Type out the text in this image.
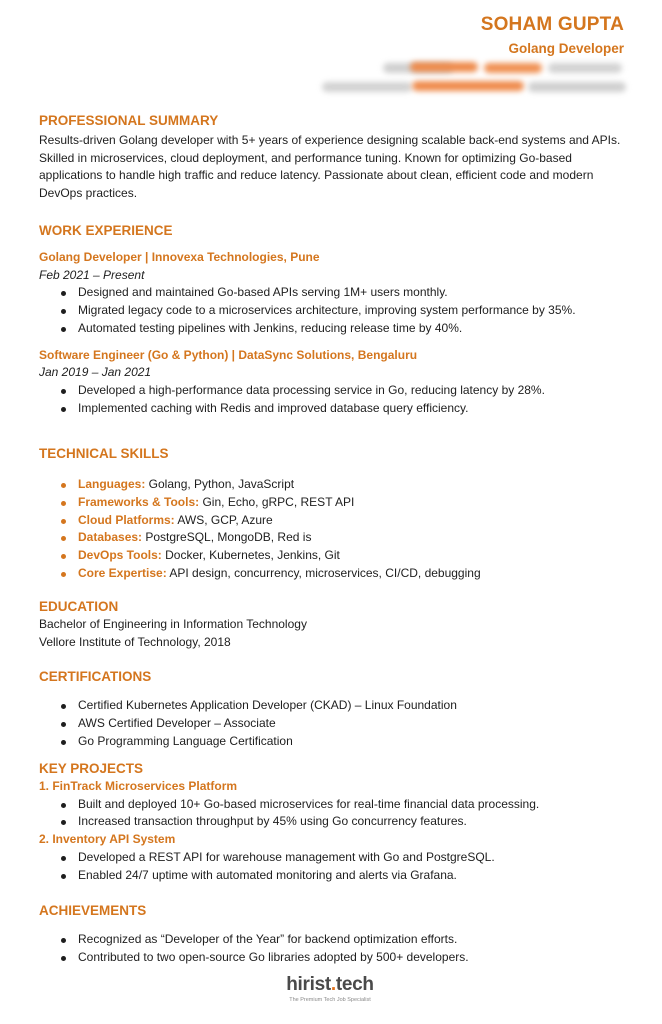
SOHAM GUPTA
Golang Developer
PROFESSIONAL SUMMARY
Results-driven Golang developer with 5+ years of experience designing scalable back-end systems and APIs. Skilled in microservices, cloud deployment, and performance tuning. Known for optimizing Go-based applications to handle high traffic and reduce latency. Passionate about clean, efficient code and modern DevOps practices.
WORK EXPERIENCE
Golang Developer | Innovexa Technologies, Pune
Feb 2021 – Present
Designed and maintained Go-based APIs serving 1M+ users monthly.
Migrated legacy code to a microservices architecture, improving system performance by 35%.
Automated testing pipelines with Jenkins, reducing release time by 40%.
Software Engineer (Go & Python) | DataSync Solutions, Bengaluru
Jan 2019 – Jan 2021
Developed a high-performance data processing service in Go, reducing latency by 28%.
Implemented caching with Redis and improved database query efficiency.
TECHNICAL SKILLS
Languages: Golang, Python, JavaScript
Frameworks & Tools: Gin, Echo, gRPC, REST API
Cloud Platforms: AWS, GCP, Azure
Databases: PostgreSQL, MongoDB, Red is
DevOps Tools: Docker, Kubernetes, Jenkins, Git
Core Expertise: API design, concurrency, microservices, CI/CD, debugging
EDUCATION
Bachelor of Engineering in Information Technology
Vellore Institute of Technology, 2018
CERTIFICATIONS
Certified Kubernetes Application Developer (CKAD) – Linux Foundation
AWS Certified Developer – Associate
Go Programming Language Certification
KEY PROJECTS
1. FinTrack Microservices Platform
Built and deployed 10+ Go-based microservices for real-time financial data processing.
Increased transaction throughput by 45% using Go concurrency features.
2. Inventory API System
Developed a REST API for warehouse management with Go and PostgreSQL.
Enabled 24/7 uptime with automated monitoring and alerts via Grafana.
ACHIEVEMENTS
Recognized as “Developer of the Year” for backend optimization efforts.
Contributed to two open-source Go libraries adopted by 500+ developers.
hirist.tech
The Premium Tech Job Specialist
